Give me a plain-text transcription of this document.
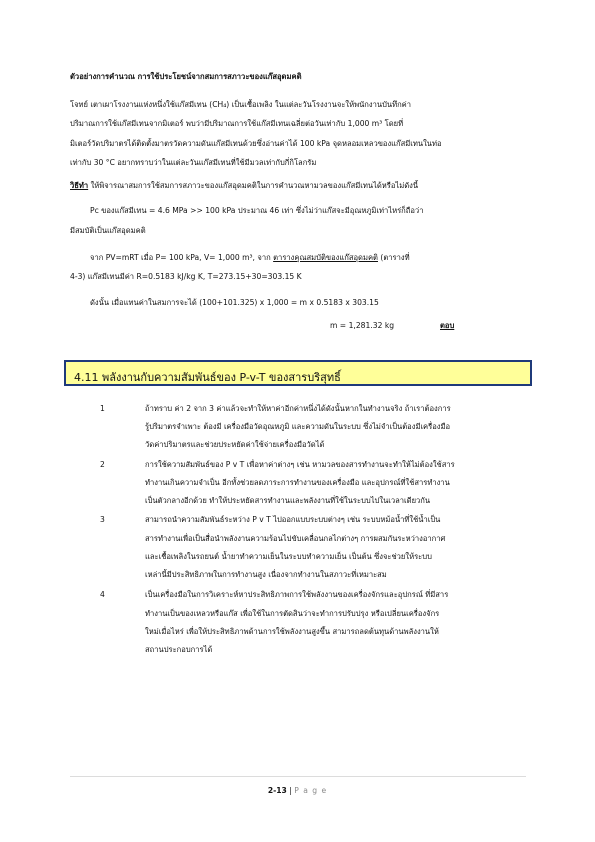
ตัวอย่างการคำนวณ การใช้ประโยชน์จากสมการสภาวะของแก๊สอุดมคติ
โจทย์ เตาเผาโรงงานแห่งหนึ่งใช้แก๊สมีเทน (CH₄) เป็นเชื้อเพลิง ในแต่ละวันโรงงานจะให้พนักงานบันทึกค่า
ปริมาณการใช้แก๊สมีเทนจากมิเตอร์ พบว่ามีปริมาณการใช้แก๊สมีเทนเฉลี่ยต่อวันเท่ากับ 1,000 m³ โดยที่
มิเตอร์วัดปริมาตรได้ติดตั้งมาตรวัดความดันแก๊สมีเทนด้วยซึ่งอ่านค่าได้ 100 kPa จุดหลอมเหลวของแก๊สมีเทนในท่อ
เท่ากับ 30 °C อยากทราบว่าในแต่ละวันแก๊สมีเทนที่ใช้มีมวลเท่ากับกี่กิโลกรัม
วิธีทำ ให้พิจารณาสมการใช้สมการสภาวะของแก๊สอุดมคติในการคำนวณหามวลของแก๊สมีเทนได้หรือไม่ดังนี้
Pc ของแก๊สมีเทน = 4.6 MPa >> 100 kPa ประมาณ 46 เท่า ซึ่งไม่ว่าแก๊สจะมีอุณหภูมิเท่าไหร่ก็ถือว่า
มีสมบัติเป็นแก๊สอุดมคติ
จาก PV=mRT เมื่อ P= 100 kPa, V= 1,000 m³, จาก ตารางคุณสมบัติของแก๊สอุดมคติ (ตารางที่
4-3) แก๊สมีเทนมีค่า R=0.5183 kJ/kg K, T=273.15+30=303.15 K
ดังนั้น เมื่อแทนค่าในสมการจะได้ (100+101.325) x 1,000 = m x 0.5183 x 303.15
m = 1,281.32 kg	ตอบ
4.11 พลังงานกับความสัมพันธ์ของ P-v-T ของสารบริสุทธิ์
1	ถ้าทราบ ค่า 2 จาก 3 ค่าแล้วจะทำให้หาค่าอีกค่าหนึ่งได้ดังนั้นหากในทำงานจริง ถ้าเราต้องการ
รู้ปริมาตรจำเพาะ ต้องมี เครื่องมือวัดอุณหภูมิ และความดันในระบบ ซึ่งไม่จำเป็นต้องมีเครื่องมือ
วัดค่าปริมาตรและช่วยประหยัดค่าใช้จ่ายเครื่องมือวัดได้
2	การใช้ความสัมพันธ์ของ P v T เพื่อหาค่าต่างๆ เช่น หามวลของสารทำงานจะทำให้ไม่ต้องใช้สาร
ทำงานเกินความจำเป็น อีกทั้งช่วยลดภาระการทำงานของเครื่องมือ และอุปกรณ์ที่ใช้สารทำงาน
เป็นตัวกลางอีกด้วย ทำให้ประหยัดสารทำงานและพลังงานที่ใช้ในระบบไปในเวลาเดียวกัน
3	สามารถนำความสัมพันธ์ระหว่าง P v T ไปออกแบบระบบต่างๆ เช่น ระบบหม้อน้ำที่ใช้น้ำเป็น
สารทำงานเพื่อเป็นสื่อนำพลังงานความร้อนไปขับเคลื่อนกลไกต่างๆ การผสมกันระหว่างอากาศ
และเชื้อเพลิงในรถยนต์ น้ำยาทำความเย็นในระบบทำความเย็น เป็นต้น ซึ่งจะช่วยให้ระบบ
เหล่านี้มีประสิทธิภาพในการทำงานสูง เนื่องจากทำงานในสภาวะที่เหมาะสม
4	เป็นเครื่องมือในการวิเคราะห์หาประสิทธิภาพการใช้พลังงานของเครื่องจักรและอุปกรณ์ ที่มีสาร
ทำงานเป็นของเหลวหรือแก๊ส เพื่อใช้ในการตัดสินว่าจะทำการปรับปรุง หรือเปลี่ยนเครื่องจักร
ใหม่เมื่อไหร่ เพื่อให้ประสิทธิภาพด้านการใช้พลังงานสูงขึ้น สามารถลดต้นทุนด้านพลังงานให้
สถานประกอบการได้
2-13 | P a g e
